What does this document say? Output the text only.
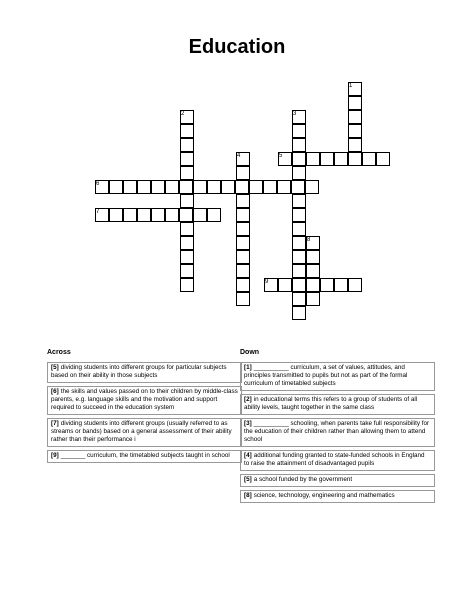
Education
1
2	3
4	5
6
7
8
9
Across	Down
[5] dividing students into different groups for particular subjects based on their ability in those subjects
[6] the skills and values passed on to their children by middle-class parents, e.g. language skills and the motivation and support required to succeed in the education system
[7] dividing students into different groups (usually referred to as streams or bands) based on a general assessment of their ability rather than their performance i
[9] _______ curriculum, the timetabled subjects taught in school
[1] __________ curriculum, a set of values, attitudes, and principles transmitted to pupils but not as part of the formal curriculum of timetabled subjects
[2] in educational terms this refers to a group of students of all ability levels, taught together in the same class
[3] __________ schooling, when parents take full responsibility for the education of their children rather than allowing them to attend school
[4] additional funding granted to state-funded schools in England to raise the attainment of disadvantaged pupils
[5] a school funded by the government
[8] science, technology, engineering and mathematics
